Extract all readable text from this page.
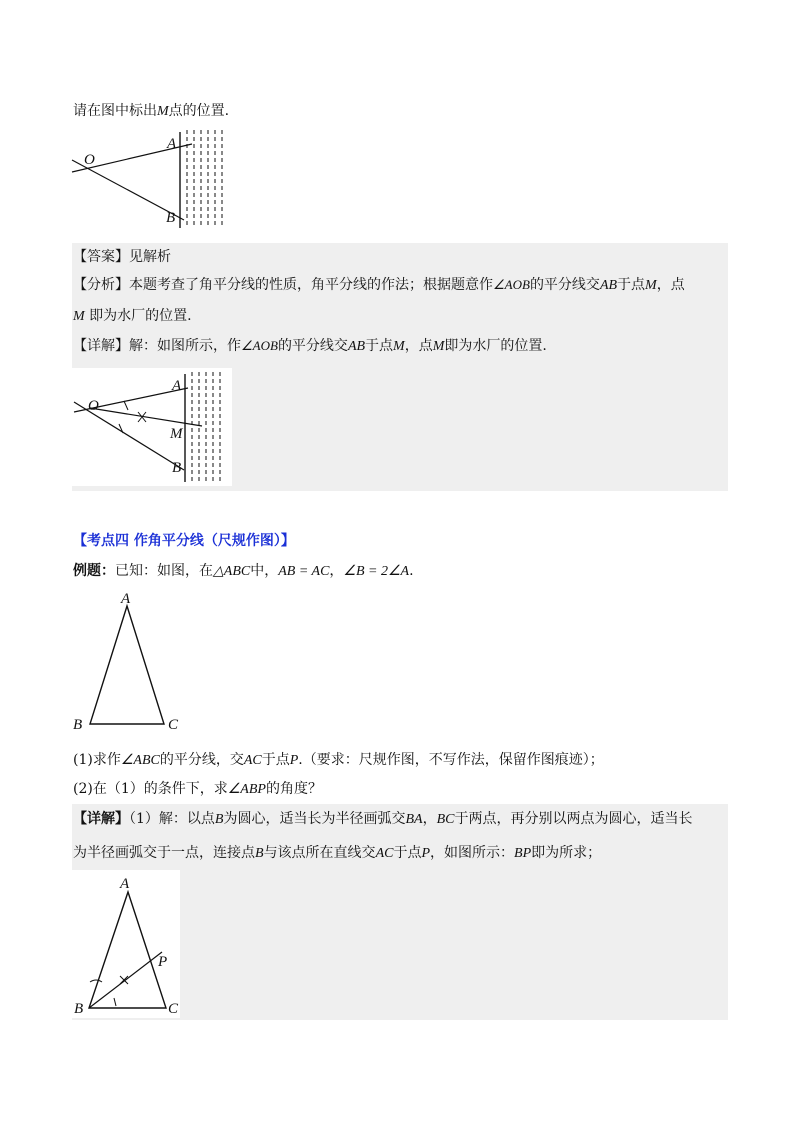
请在图中标出M点的位置.
O
A
B
【答案】见解析
【分析】本题考查了角平分线的性质，角平分线的作法；根据题意作∠AOB的平分线交AB于点M，点
M 即为水厂的位置.
【详解】解：如图所示，作∠AOB的平分线交AB于点M，点M即为水厂的位置.
O
A
M
B
【考点四 作角平分线（尺规作图）】
例题：已知：如图，在△ABC中，AB = AC，∠B = 2∠A.
A
B	C
(1)求作∠ABC的平分线，交AC于点P.（要求：尺规作图，不写作法，保留作图痕迹）；
(2)在（1）的条件下，求∠ABP的角度？
【详解】（1）解：以点B为圆心，适当长为半径画弧交BA，BC于两点，再分别以两点为圆心，适当长
为半径画弧交于一点，连接点B与该点所在直线交AC于点P，如图所示：BP即为所求；
A
B	C
P
